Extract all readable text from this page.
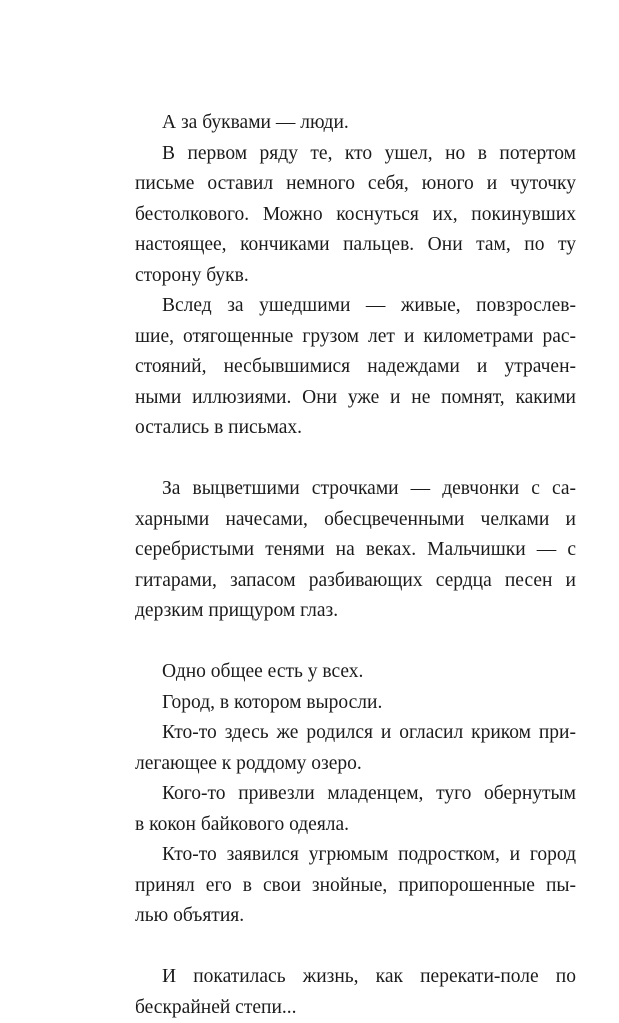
А за буквами — люди.

В первом ряду те, кто ушел, но в потертом
письме оставил немного себя, юного и чуточку
бестолкового. Можно коснуться их, покинувших
настоящее, кончиками пальцев. Они там, по ту
сторону букв.

Вслед за ушедшими — живые, повзрослев-
шие, отягощенные грузом лет и километрами рас-
стояний, несбывшимися надеждами и утрачен-
ными иллюзиями. Они уже и не помнят, какими
остались в письмах.

За выцветшими строчками — девчонки с са-
харными начесами, обесцвеченными челками и
серебристыми тенями на веках. Мальчишки — с
гитарами, запасом разбивающих сердца песен и
дерзким прищуром глаз.

Одно общее есть у всех.

Город, в котором выросли.

Кто-то здесь же родился и огласил криком при-
легающее к роддому озеро.

Кого-то привезли младенцем, туго обернутым
в кокон байкового одеяла.

Кто-то заявился угрюмым подростком, и город
принял его в свои знойные, припорошенные пы-
лью объятия.

И покатилась жизнь, как перекати-поле по
бескрайней степи...
